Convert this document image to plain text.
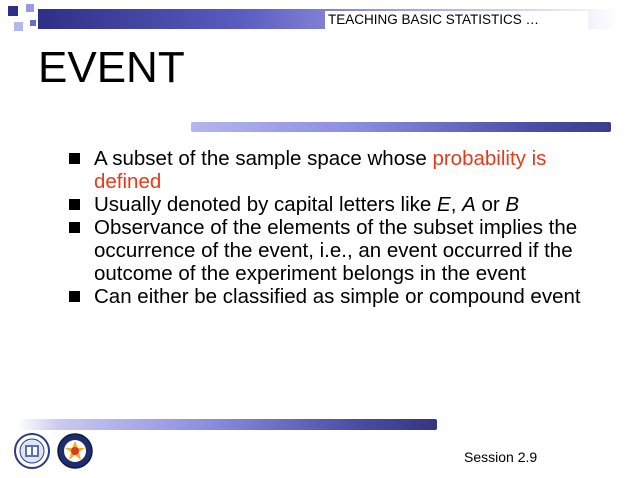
TEACHING BASIC STATISTICS …
EVENT
A subset of the sample space whose probability is defined
Usually denoted by capital letters like E, A or B
Observance of the elements of the subset implies the occurrence of the event, i.e., an event occurred if the outcome of the experiment belongs in the event
Can either be classified as simple or compound event
Session 2.9
